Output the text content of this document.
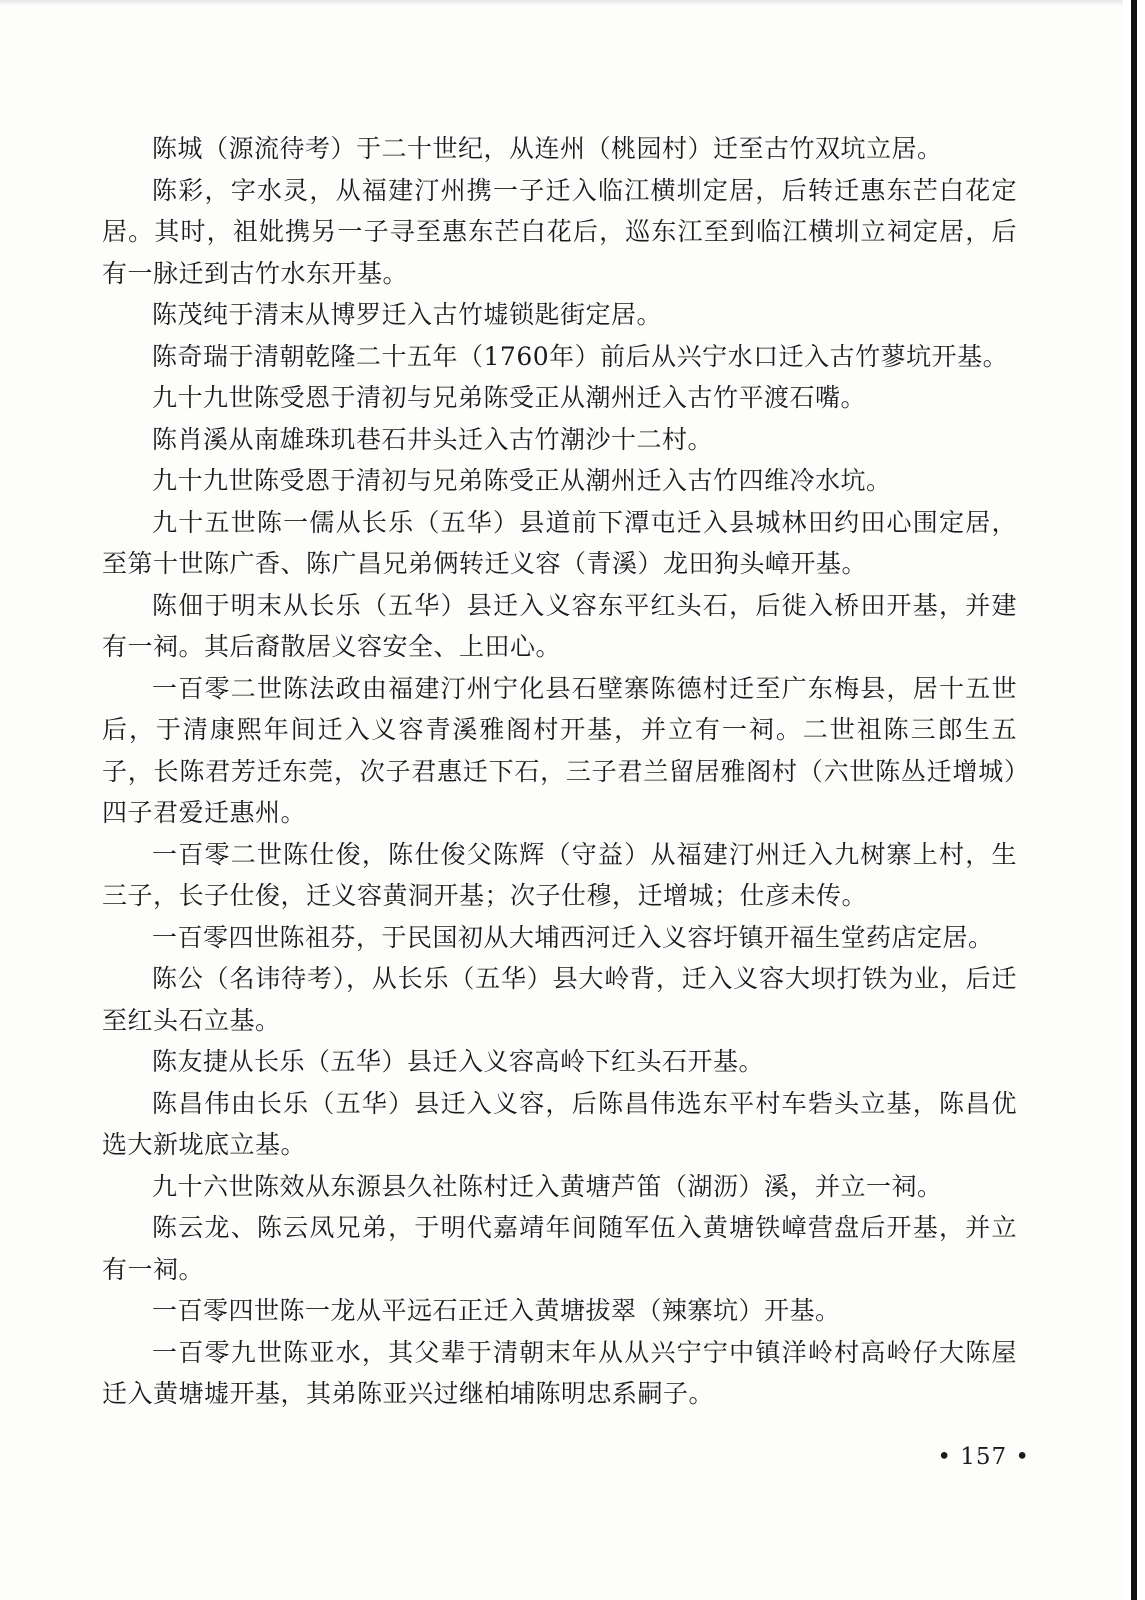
陈城（源流待考）于二十世纪，从连州（桃园村）迁至古竹双坑立居。

陈彩，字水灵，从福建汀州携一子迁入临江横圳定居，后转迁惠东芒白花定居。其时，祖妣携另一子寻至惠东芒白花后，巡东江至到临江横圳立祠定居，后有一脉迁到古竹水东开基。

陈茂纯于清末从博罗迁入古竹墟锁匙街定居。

陈奇瑞于清朝乾隆二十五年（1760年）前后从兴宁水口迁入古竹蓼坑开基。

九十九世陈受恩于清初与兄弟陈受正从潮州迁入古竹平渡石嘴。

陈肖溪从南雄珠玑巷石井头迁入古竹潮沙十二村。

九十九世陈受恩于清初与兄弟陈受正从潮州迁入古竹四维冷水坑。

九十五世陈一儒从长乐（五华）县道前下潭屯迁入县城林田约田心围定居，至第十世陈广香、陈广昌兄弟俩转迁义容（青溪）龙田狗头嶂开基。

陈佃于明末从长乐（五华）县迁入义容东平红头石，后徙入桥田开基，并建有一祠。其后裔散居义容安全、上田心。

一百零二世陈法政由福建汀州宁化县石壁寨陈德村迁至广东梅县，居十五世后，于清康熙年间迁入义容青溪雅阁村开基，并立有一祠。二世祖陈三郎生五子，长陈君芳迁东莞，次子君惠迁下石，三子君兰留居雅阁村（六世陈丛迁增城）四子君爱迁惠州。

一百零二世陈仕俊，陈仕俊父陈辉（守益）从福建汀州迁入九树寨上村，生三子，长子仕俊，迁义容黄洞开基；次子仕穆，迁增城；仕彦未传。

一百零四世陈祖芬，于民国初从大埔西河迁入义容圩镇开福生堂药店定居。

陈公（名讳待考），从长乐（五华）县大岭背，迁入义容大坝打铁为业，后迁至红头石立基。

陈友捷从长乐（五华）县迁入义容高岭下红头石开基。

陈昌伟由长乐（五华）县迁入义容，后陈昌伟选东平村车砦头立基，陈昌优选大新垅底立基。

九十六世陈效从东源县久社陈村迁入黄塘芦笛（湖沥）溪，并立一祠。

陈云龙、陈云凤兄弟，于明代嘉靖年间随军伍入黄塘铁嶂营盘后开基，并立有一祠。

一百零四世陈一龙从平远石正迁入黄塘拔翠（辣寨坑）开基。

一百零九世陈亚水，其父辈于清朝末年从从兴宁宁中镇洋岭村高岭仔大陈屋迁入黄塘墟开基，其弟陈亚兴过继柏埔陈明忠系嗣子。

• 157 •
